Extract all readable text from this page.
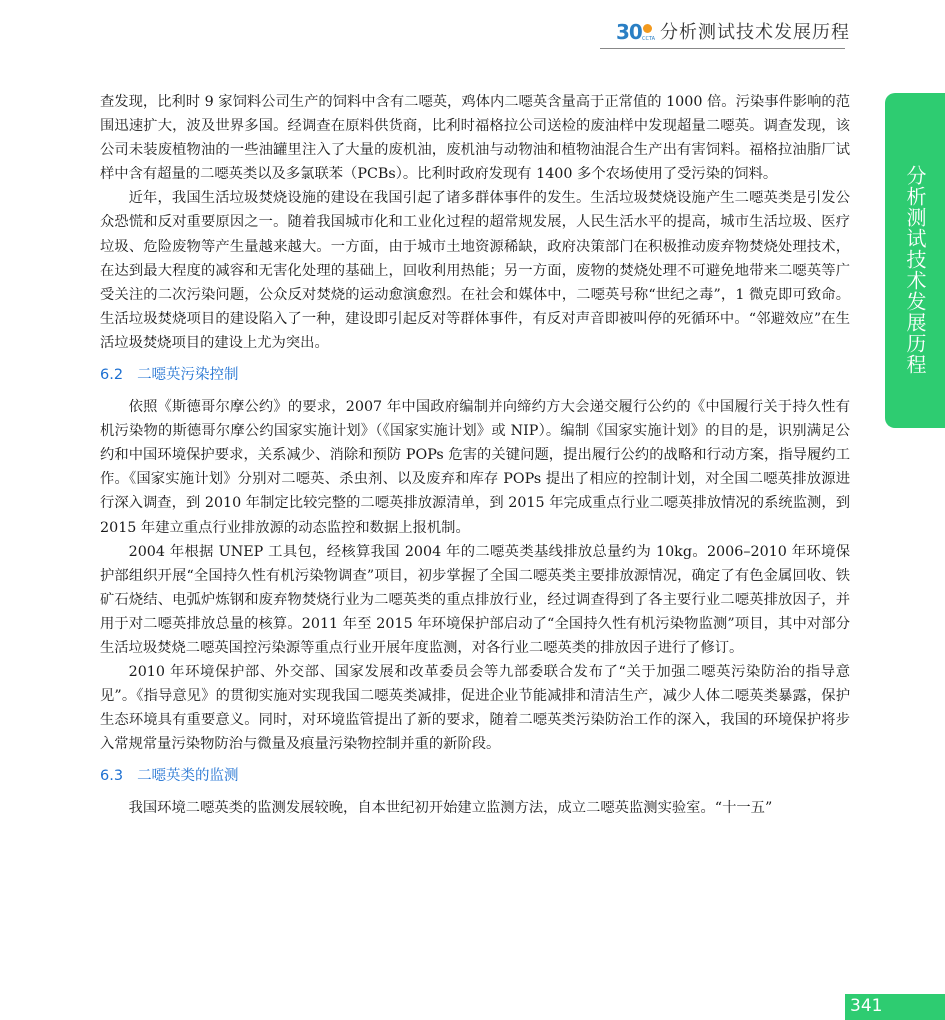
30 CCTA 分析测试技术发展历程
分析测试技术发展历程

查发现，比利时 9 家饲料公司生产的饲料中含有二噁英，鸡体内二噁英含量高于正常值的 1000 倍。污染事件影响的范围迅速扩大，波及世界多国。经调查在原料供货商，比利时福格拉公司送检的废油样中发现超量二噁英。调查发现，该公司未装废植物油的一些油罐里注入了大量的废机油，废机油与动物油和植物油混合生产出有害饲料。福格拉油脂厂试样中含有超量的二噁英类以及多氯联苯（PCBs）。比利时政府发现有 1400 多个农场使用了受污染的饲料。

近年，我国生活垃圾焚烧设施的建设在我国引起了诸多群体事件的发生。生活垃圾焚烧设施产生二噁英类是引发公众恐慌和反对重要原因之一。随着我国城市化和工业化过程的超常规发展，人民生活水平的提高，城市生活垃圾、医疗垃圾、危险废物等产生量越来越大。一方面，由于城市土地资源稀缺，政府决策部门在积极推动废弃物焚烧处理技术，在达到最大程度的减容和无害化处理的基础上，回收利用热能；另一方面，废物的焚烧处理不可避免地带来二噁英等广受关注的二次污染问题，公众反对焚烧的运动愈演愈烈。在社会和媒体中，二噁英号称“世纪之毒”，1 微克即可致命。生活垃圾焚烧项目的建设陷入了一种，建设即引起反对等群体事件，有反对声音即被叫停的死循环中。“邻避效应”在生活垃圾焚烧项目的建设上尤为突出。

6.2 二噁英污染控制

依照《斯德哥尔摩公约》的要求，2007 年中国政府编制并向缔约方大会递交履行公约的《中国履行关于持久性有机污染物的斯德哥尔摩公约国家实施计划》（《国家实施计划》或 NIP）。编制《国家实施计划》的目的是，识别满足公约和中国环境保护要求，关系减少、消除和预防 POPs 危害的关键问题，提出履行公约的战略和行动方案，指导履约工作。《国家实施计划》分别对二噁英、杀虫剂、以及废弃和库存 POPs 提出了相应的控制计划，对全国二噁英排放源进行深入调查，到 2010 年制定比较完整的二噁英排放源清单，到 2015 年完成重点行业二噁英排放情况的系统监测，到 2015 年建立重点行业排放源的动态监控和数据上报机制。

2004 年根据 UNEP 工具包，经核算我国 2004 年的二噁英类基线排放总量约为 10kg。2006–2010 年环境保护部组织开展“全国持久性有机污染物调查”项目，初步掌握了全国二噁英类主要排放源情况，确定了有色金属回收、铁矿石烧结、电弧炉炼钢和废弃物焚烧行业为二噁英类的重点排放行业，经过调查得到了各主要行业二噁英排放因子，并用于对二噁英排放总量的核算。2011 年至 2015 年环境保护部启动了“全国持久性有机污染物监测”项目，其中对部分生活垃圾焚烧二噁英国控污染源等重点行业开展年度监测，对各行业二噁英类的排放因子进行了修订。

2010 年环境保护部、外交部、国家发展和改革委员会等九部委联合发布了“关于加强二噁英污染防治的指导意见”。《指导意见》的贯彻实施对实现我国二噁英类减排，促进企业节能减排和清洁生产，减少人体二噁英类暴露，保护生态环境具有重要意义。同时，对环境监管提出了新的要求，随着二噁英类污染防治工作的深入，我国的环境保护将步入常规常量污染物防治与微量及痕量污染物控制并重的新阶段。

6.3 二噁英类的监测

我国环境二噁英类的监测发展较晚，自本世纪初开始建立监测方法，成立二噁英监测实验室。“十一五”

341
